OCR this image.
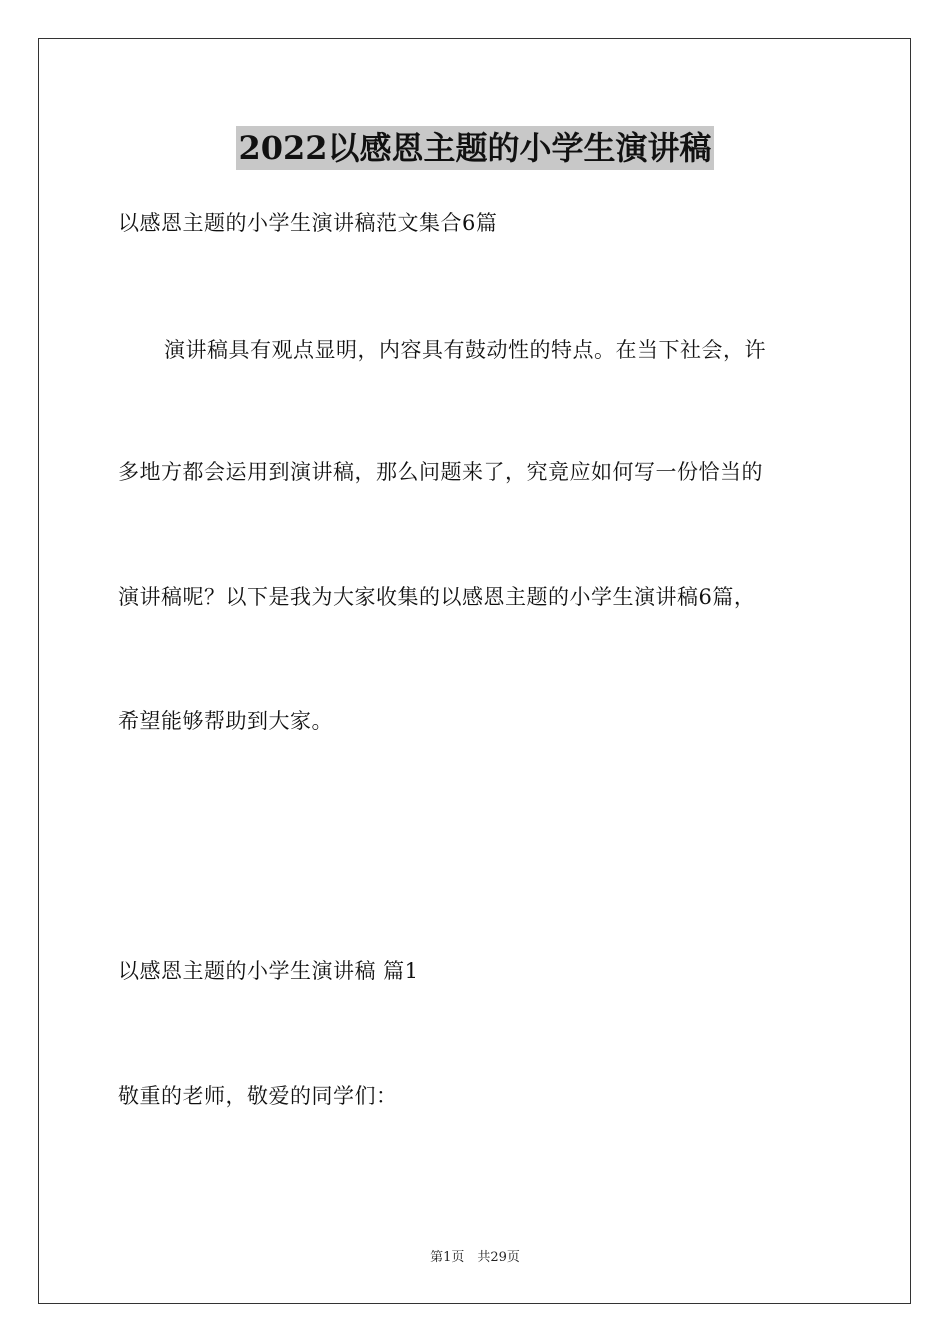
2022以感恩主题的小学生演讲稿
以感恩主题的小学生演讲稿范文集合6篇
演讲稿具有观点显明，内容具有鼓动性的特点。在当下社会，许
多地方都会运用到演讲稿，那么问题来了，究竟应如何写一份恰当的
演讲稿呢？以下是我为大家收集的以感恩主题的小学生演讲稿6篇，
希望能够帮助到大家。
以感恩主题的小学生演讲稿 篇1
敬重的老师，敬爱的同学们：
第1页　共29页
